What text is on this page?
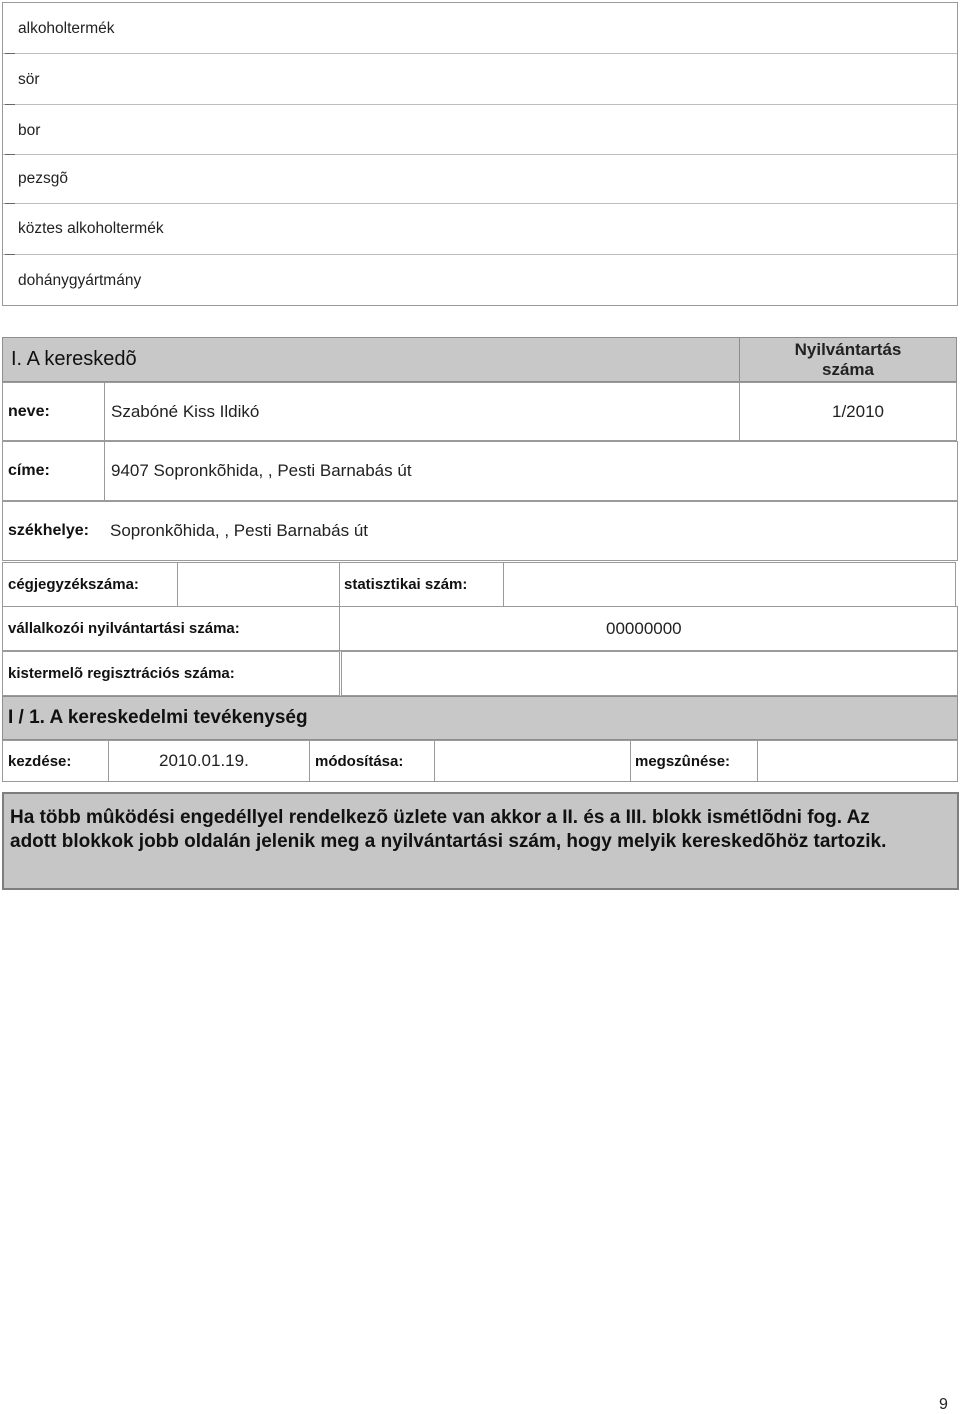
alkoholtermék
sör
bor
pezsgõ
köztes alkoholtermék
dohánygyártmány
I. A kereskedõ	Nyilvántartás száma
neve:	Szabóné Kiss Ildikó	1/2010
címe:	9407 Sopronkõhida, , Pesti Barnabás út
székhelye:	Sopronkõhida, , Pesti Barnabás út
cégjegyzékszáma:	statisztikai szám:
vállalkozói nyilvántartási száma:	00000000
kistermelõ regisztrációs száma:
I / 1. A kereskedelmi tevékenység
kezdése:	2010.01.19.	módosítása:	megszûnése:
Ha több mûködési engedéllyel rendelkezõ üzlete van akkor a II. és a III. blokk ismétlõdni fog. Az adott blokkok jobb oldalán jelenik meg a nyilvántartási szám, hogy melyik kereskedõhöz tartozik.
9
